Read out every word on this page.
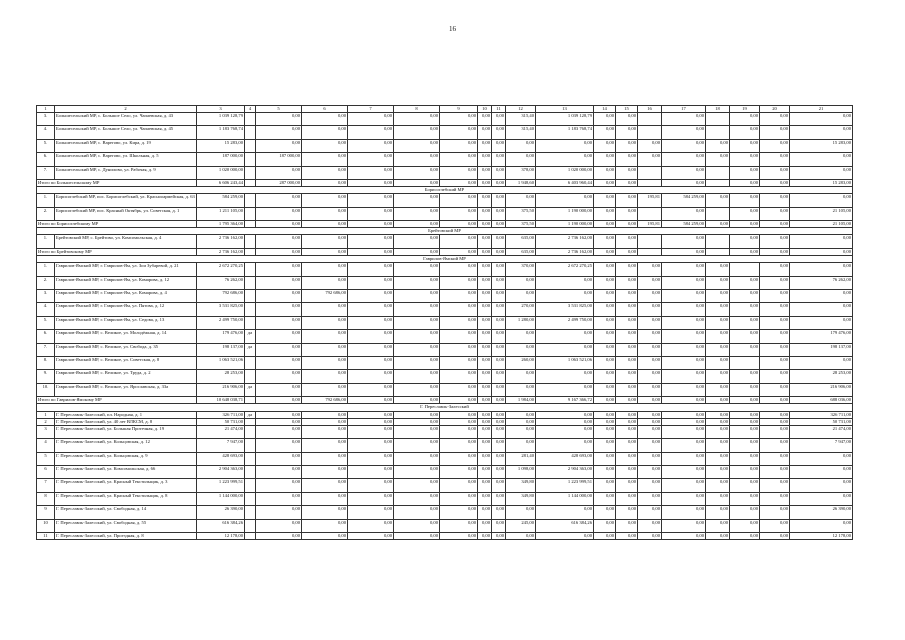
16
1	2	3	4	5	6	7	8	9	10	11	12	13	14	15	16	17	18	19	20	21
3.	Большесельский МР, с. Большое Село, ул. Чапаевская, д. 43	1 039 128,79		0,00	0,00	0,00	0,00	0,00	0,00	0,00	315,40	1 039 128,79	0,00	0,00		0,00		0,00	0,00	0,00
4.	Большесельский МР, с. Большое Село, ул. Чапаевская, д. 45	1 183 768,74		0,00	0,00	0,00	0,00	0,00	0,00	0,00	315,40	1 183 768,74	0,00	0,00		0,00		0,00	0,00	0,00
5.	Большесельский МР, с. Варегово, ул. Кира, д. 19	15 283,00		0,00	0,00	0,00	0,00	0,00	0,00	0,00	0,00	0,00	0,00	0,00	0,00	0,00	0,00	0,00	0,00	15 283,00
6.	Большесельский МР, с. Варегово, ул. Школьная, д. 5	187 000,00		187 000,00	0,00	0,00	0,00	0,00	0,00	0,00	0,00	0,00	0,00	0,00	0,00	0,00	0,00	0,00	0,00	0,00
7.	Большесельский МР, с. Дунилово, ул. Рабочая, д. 9	1 020 000,00		0,00	0,00	0,00	0,00	0,00	0,00	0,00	378,00	1 020 000,00	0,00	0,00		0,00		0,00	0,00	0,00
Итого по Большесельскому МР		6 606 243,44		287 000,00	0,00	0,00	0,00	0,00	0,00	0,00	1 948,60	6 403 960,44	0,00	0,00		0,00		0,00	0,00	15 283,00
Борисоглебский МР																				
1.	Борисоглебский МР, пос. Борисоглебский, ул. Краснооармейская, д. 63	584 259,00		0,00	0,00	0,00	0,00	0,00	0,00	0,00	0,00	0,00	0,00	0,00	195,81	584 259,00	0,00	0,00	0,00	0,00
2.	Борисоглебский МР, пос. Красный Октябрь, ул. Советская, д. 1	1 211 105,00		0,00	0,00	0,00	0,00	0,00	0,00	0,00	375,50	1 190 000,00	0,00	0,00		0,00		0,00	0,00	21 105,00
Итого по Борисоглебскому МР		1 795 364,00		0,00	0,00	0,00	0,00	0,00	0,00	0,00	375,50	1 190 000,00	0,00	0,00	195,81	584 259,00	0,00	0,00	0,00	21 105,00
Брейтовский МР																				
1.	Брейтовский МР, с. Брейтово, ул. Комсомольская, д. 4	2 736 162,00		0,00	0,00	0,00	0,00	0,00	0,00	0,00	635,00	2 736 162,00	0,00	0,00		0,00		0,00	0,00	0,00
Итого по Брейтовскому МР		2 736 162,00		0,00	0,00	0,00	0,00	0,00	0,00	0,00	635,00	2 736 162,00	0,00	0,00		0,00		0,00	0,00	0,00
Гаврилов-Ямский МР																				
1.	Гаврилов-Ямский МР, г. Гаврилов-Ям, ул. Зои Зубаревой, д. 21	2 672 270,25		0,00	0,00	0,00	0,00	0,00	0,00	0,00	370,00	2 672 270,25	0,00	0,00	0,00	0,00	0,00		0,00	0,00
2.	Гаврилов-Ямский МР, г. Гаврилов-Ям, ул. Комарова, д. 12	76 262,00		0,00	0,00	0,00	0,00	0,00	0,00	0,00	0,00	0,00	0,00	0,00	0,00	0,00	0,00	0,00	0,00	76 262,00
3.	Гаврилов-Ямский МР, г. Гаврилов-Ям, ул. Комарова, д. 4	792 686,00		0,00	792 686,00	0,00	0,00	0,00	0,00	0,00	0,00	0,00	0,00	0,00	0,00	0,00	0,00	0,00	0,00	0,00
4.	Гаврилов-Ямский МР, г. Гаврилов-Ям, ул. Пятова, д. 12	3 531 825,00		0,00	0,00	0,00	0,00	0,00	0,00	0,00	270,00	3 531 825,00	0,00	0,00	0,00	0,00	0,00	0,00	0,00	0,00
5.	Гаврилов-Ямский МР, г. Гаврилов-Ям, ул. Седова, д. 13	2 499 750,00		0,00	0,00	0,00	0,00	0,00	0,00	0,00	1 280,00	2 499 750,00	0,00	0,00	0,00	0,00	0,00	0,00	0,00	0,00
6.	Гаврилов-Ямский МР, с. Великое, ул. Молодёжная, д. 14	179 476,00	да	0,00	0,00	0,00	0,00	0,00	0,00	0,00	0,00	0,00	0,00	0,00	0,00	0,00	0,00	0,00	0,00	179 476,00
7.	Гаврилов-Ямский МР, с. Великое, ул. Свобода, д. 35	198 137,00	да	0,00	0,00	0,00	0,00	0,00	0,00	0,00	0,00	0,00	0,00	0,00	0,00	0,00	0,00	0,00	0,00	198 137,00
8.	Гаврилов-Ямский МР, с. Великое, ул. Советская, д. 8	1 063 521,06		0,00	0,00	0,00	0,00	0,00	0,00	0,00	260,00	1 063 521,06	0,00	0,00	0,00	0,00	0,00		0,00	0,00
9.	Гаврилов-Ямский МР, с. Великое, ул. Труда, д. 2	28 253,00		0,00	0,00	0,00	0,00	0,00	0,00	0,00	0,00	0,00	0,00	0,00	0,00	0,00	0,00	0,00	0,00	28 253,00
10.	Гаврилов-Ямский МР, с. Великое, ул. Ярославская, д. 33а	216 906,00	да	0,00	0,00	0,00	0,00	0,00	0,00	0,00	0,00	0,00	0,00	0,00	0,00	0,00	0,00	0,00	0,00	216 906,00
Итого по Гаврилов-Ямскому МР		10 648 038,71		0,00	792 686,00	0,00	0,00	0,00	0,00	0,00	1 984,00	9 167 366,72	0,00	0,00	0,00	0,00	0,00	0,00	0,00	688 036,00
Г. Переславль-Залесский																				
1	Г. Переславль-Залесский, пл. Народная, д. 1	326 711,00	да	0,00	0,00	0,00	0,00	0,00	0,00	0,00	0,00	0,00	0,00	0,00	0,00	0,00	0,00	0,00	0,00	326 711,00
2	Г. Переславль-Залесский, ул. 40 лет ВЛКСМ, д. 8	50 731,00		0,00	0,00	0,00	0,00	0,00	0,00	0,00	0,00	0,00	0,00	0,00	0,00	0,00	0,00	0,00	0,00	50 731,00
3	Г. Переславль-Залесский, ул. Большая Протечная, д. 19	21 474,00		0,00	0,00	0,00	0,00	0,00	0,00	0,00	0,00	0,00	0,00	0,00	0,00	0,00	0,00	0,00	0,00	21 474,00
4	Г. Переславль-Залесский, ул. Кольцовская, д. 12	7 947,00		0,00	0,00	0,00	0,00	0,00	0,00	0,00	0,00	0,00	0,00	0,00	0,00	0,00	0,00	0,00	0,00	7 947,00
5	Г. Переславль-Залесский, ул. Кольцовская, д. 9	428 693,00		0,00	0,00	0,00	0,00	0,00	0,00	0,00	281,40	428 693,00	0,00	0,00	0,00	0,00	0,00	0,00	0,00	0,00
6	Г. Переславль-Залесский, ул. Комсомольская, д. 66	2 904 363,00		0,00	0,00	0,00	0,00	0,00	0,00	0,00	1 098,00	2 904 363,00	0,00	0,00	0,00	0,00	0,00	0,00	0,00	0,00
7	Г. Переславль-Залесский, ул. Красный Текстильщик, д. 3	1 223 999,51		0,00	0,00	0,00	0,00	0,00	0,00	0,00	349,80	1 223 999,51	0,00	0,00	0,00	0,00	0,00	0,00	0,00	0,00
8	Г. Переславль-Залесский, ул. Красный Текстильщик, д. 8	1 144 000,00		0,00	0,00	0,00	0,00	0,00	0,00	0,00	349,80	1 144 000,00	0,00	0,00	0,00	0,00	0,00	0,00	0,00	0,00
9	Г. Переславль-Залесский, ул. Свободная, д. 14	26 390,00		0,00	0,00	0,00	0,00	0,00	0,00	0,00	0,00	0,00	0,00	0,00	0,00	0,00	0,00	0,00	0,00	26 390,00
10	Г. Переславль-Залесский, ул. Свободная, д. 55	616 384,26		0,00	0,00	0,00	0,00	0,00	0,00	0,00	245,00	616 384,26	0,00	0,00	0,00	0,00	0,00	0,00	0,00	0,00
11	Г. Переславль-Залесский, ул. Проездная, д. 8	12 178,00		0,00	0,00	0,00	0,00	0,00	0,00	0,00	0,00	0,00	0,00	0,00	0,00	0,00	0,00	0,00	0,00	12 178,00
